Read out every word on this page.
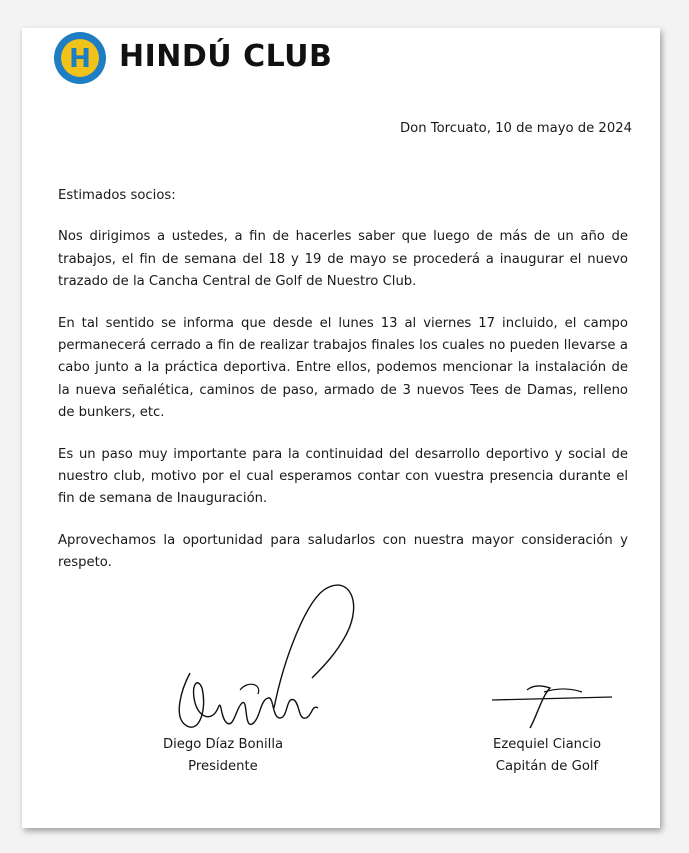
H HINDÚ CLUB
Don Torcuato, 10 de mayo de 2024

Estimados socios:

Nos dirigimos a ustedes, a fin de hacerles saber que luego de más de un año de trabajos, el fin de semana del 18 y 19 de mayo se procederá a inaugurar el nuevo trazado de la Cancha Central de Golf de Nuestro Club.

En tal sentido se informa que desde el lunes 13 al viernes 17 incluido, el campo permanecerá cerrado a fin de realizar trabajos finales los cuales no pueden llevarse a cabo junto a la práctica deportiva. Entre ellos, podemos mencionar la instalación de la nueva señalética, caminos de paso, armado de 3 nuevos Tees de Damas, relleno de bunkers, etc.

Es un paso muy importante para la continuidad del desarrollo deportivo y social de nuestro club, motivo por el cual esperamos contar con vuestra presencia durante el fin de semana de Inauguración.

Aprovechamos la oportunidad para saludarlos con nuestra mayor consideración y respeto.

Diego Díaz Bonilla
Presidente
Ezequiel Ciancio
Capitán de Golf
